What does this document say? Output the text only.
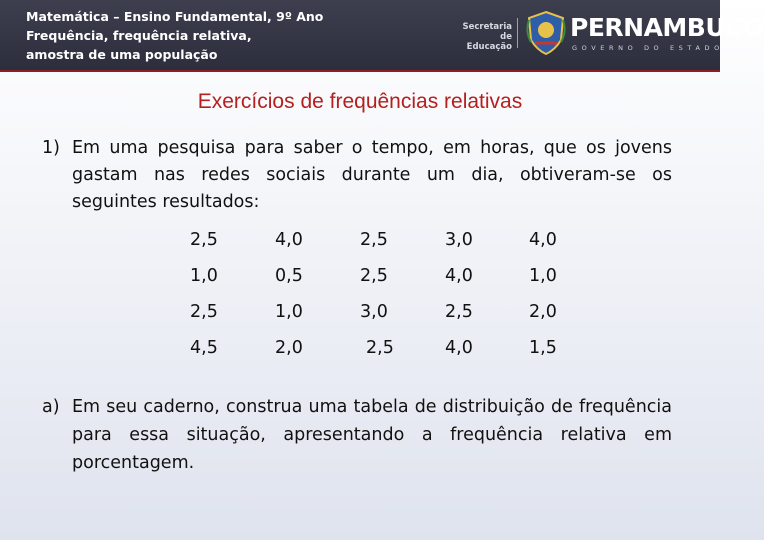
Matemática – Ensino Fundamental, 9º Ano
Frequência, frequência relativa,
amostra de uma população
Secretaria de
Educação
PERNAMBUCO
GOVERNO DO ESTADO
Exercícios de frequências relativas
1) Em uma pesquisa para saber o tempo, em horas, que os jovens gastam nas redes sociais durante um dia, obtiveram-se os seguintes resultados:
2,5
1,0
2,5
4,5
4,0
0,5
1,0
2,0
2,5
2,5
3,0
2,5
3,0
4,0
2,5
4,0
4,0
1,0
2,0
1,5
a) Em seu caderno, construa uma tabela de distribuição de frequência para essa situação, apresentando a frequência relativa em porcentagem.
